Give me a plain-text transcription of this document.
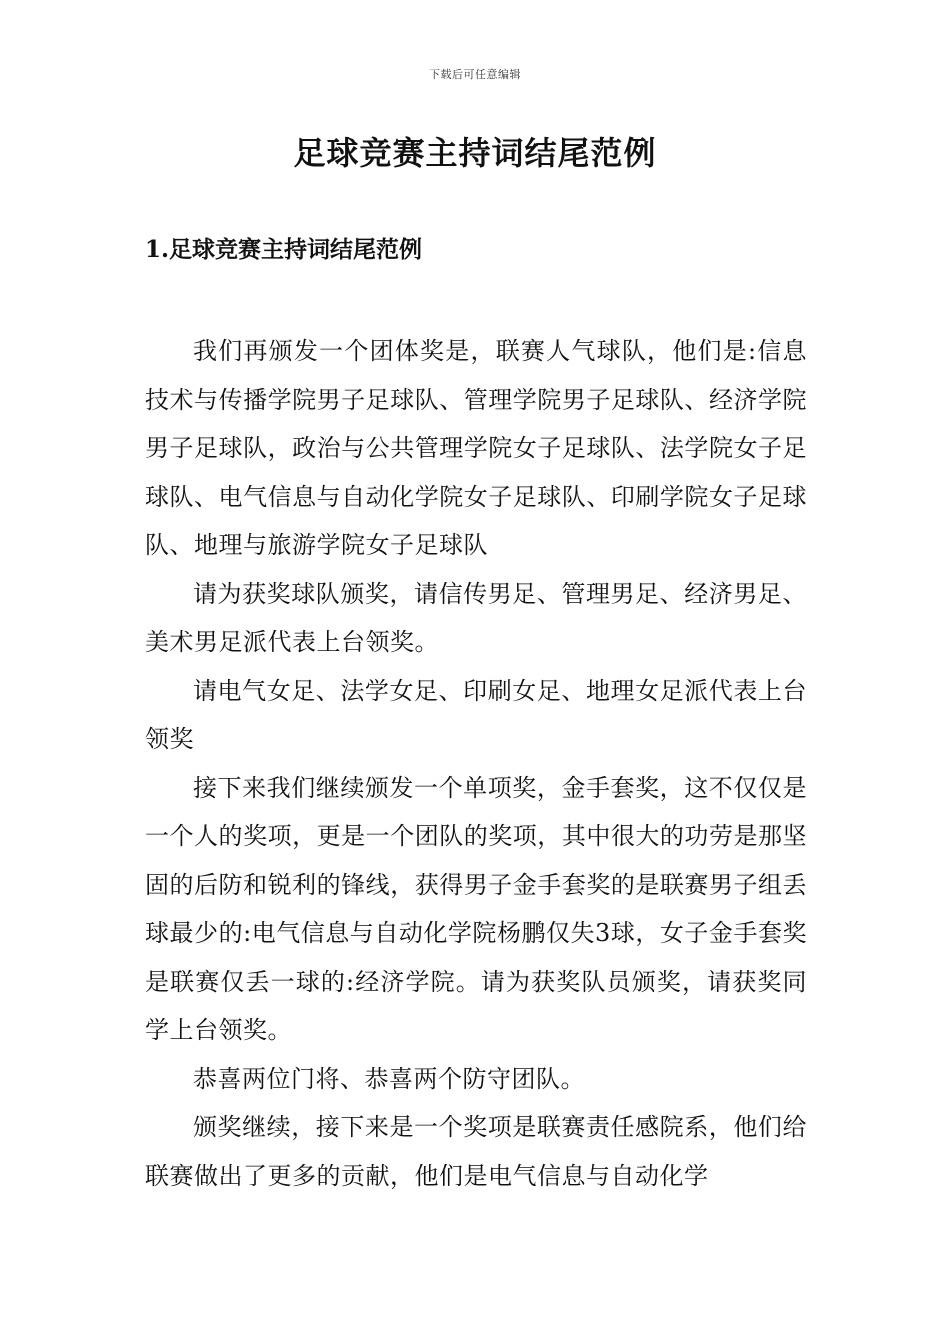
下载后可任意编辑
足球竞赛主持词结尾范例
1.足球竞赛主持词结尾范例

我们再颁发一个团体奖是，联赛人气球队，他们是:信息技术与传播学院男子足球队、管理学院男子足球队、经济学院男子足球队，政治与公共管理学院女子足球队、法学院女子足球队、电气信息与自动化学院女子足球队、印刷学院女子足球队、地理与旅游学院女子足球队

请为获奖球队颁奖，请信传男足、管理男足、经济男足、美术男足派代表上台领奖。

请电气女足、法学女足、印刷女足、地理女足派代表上台领奖

接下来我们继续颁发一个单项奖，金手套奖，这不仅仅是一个人的奖项，更是一个团队的奖项，其中很大的功劳是那坚固的后防和锐利的锋线，获得男子金手套奖的是联赛男子组丢球最少的:电气信息与自动化学院杨鹏仅失3球，女子金手套奖是联赛仅丢一球的:经济学院。请为获奖队员颁奖，请获奖同学上台领奖。

恭喜两位门将、恭喜两个防守团队。

颁奖继续，接下来是一个奖项是联赛责任感院系，他们给联赛做出了更多的贡献，他们是电气信息与自动化学
